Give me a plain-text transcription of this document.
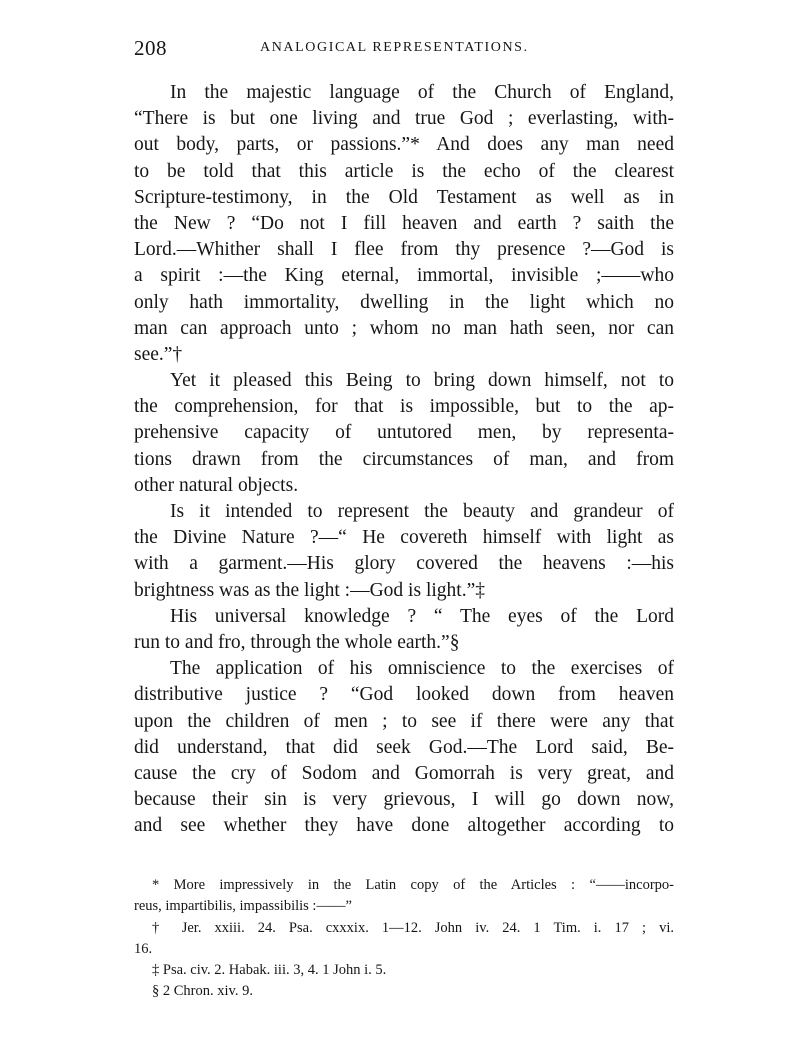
208	ANALOGICAL REPRESENTATIONS.
In the majestic language of the Church of England,
“There is but one living and true God ; everlasting, with-
out body, parts, or passions.”* And does any man need
to be told that this article is the echo of the clearest
Scripture-testimony, in the Old Testament as well as in
the New ? “Do not I fill heaven and earth ? saith the
Lord.—Whither shall I flee from thy presence ?—God is
a spirit :—the King eternal, immortal, invisible ;——who
only hath immortality, dwelling in the light which no
man can approach unto ; whom no man hath seen, nor can
see.”†
Yet it pleased this Being to bring down himself, not to
the comprehension, for that is impossible, but to the ap-
prehensive capacity of untutored men, by representa-
tions drawn from the circumstances of man, and from
other natural objects.
Is it intended to represent the beauty and grandeur of
the Divine Nature ?—“ He covereth himself with light as
with a garment.—His glory covered the heavens :—his
brightness was as the light :—God is light.”‡
His universal knowledge ? “ The eyes of the Lord
run to and fro, through the whole earth.”§
The application of his omniscience to the exercises of
distributive justice ? “God looked down from heaven
upon the children of men ; to see if there were any that
did understand, that did seek God.—The Lord said, Be-
cause the cry of Sodom and Gomorrah is very great, and
because their sin is very grievous, I will go down now,
and see whether they have done altogether according to
* More impressively in the Latin copy of the Articles : “——incorpo-
reus, impartibilis, impassibilis :——”
† Jer. xxiii. 24. Psa. cxxxix. 1—12. John iv. 24. 1 Tim. i. 17 ; vi.
16.
‡ Psa. civ. 2. Habak. iii. 3, 4. 1 John i. 5.
§ 2 Chron. xiv. 9.
